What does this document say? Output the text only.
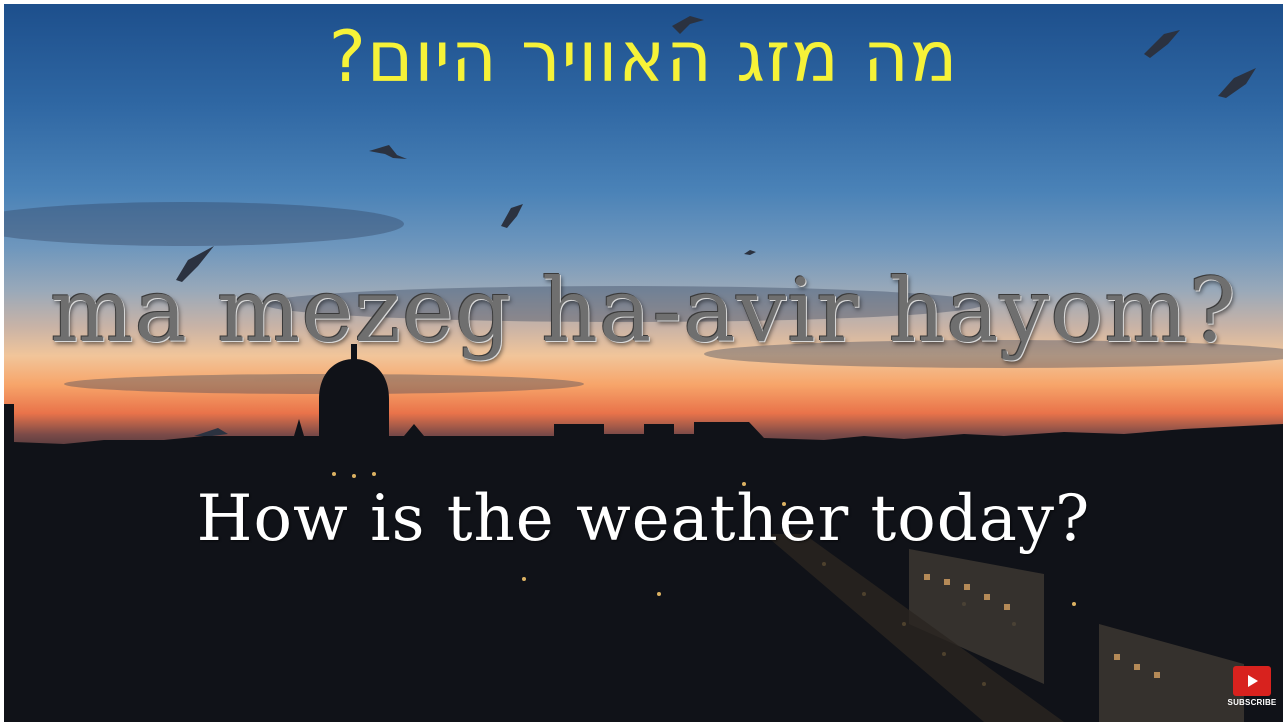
מה מזג האוויר היום?
ma mezeg ha-avir hayom?
How is the weather today?
SUBSCRIBE
